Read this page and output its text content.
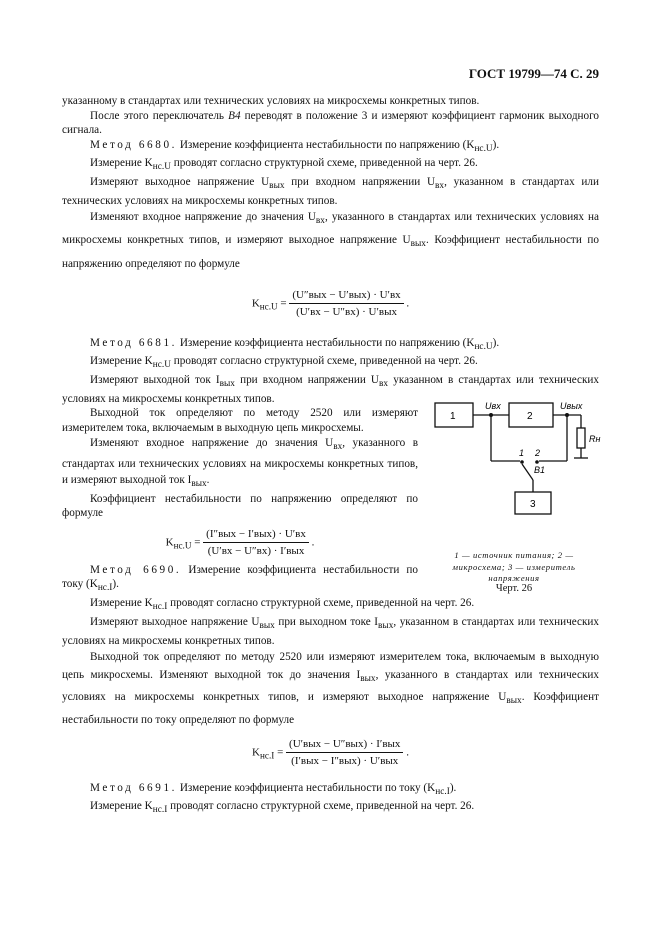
ГОСТ 19799—74 С. 29

указанному в стандартах или технических условиях на микросхемы конкретных типов.

После этого переключатель В4 переводят в положение 3 и измеряют коэффициент гармоник выходного сигнала.

Метод 6680. Измерение коэффициента нестабильности по напряжению $(K_{нс.U})$.

Измерение $K_{нс.U}$ проводят согласно структурной схеме, приведенной на черт. 26.

Измеряют выходное напряжение $U_{вых}$ при входном напряжении $U_{вх}$, указанном в стандартах или технических условиях на микросхемы конкретных типов.

Изменяют входное напряжение до значения $U_{вх}$, указанного в стандартах или технических условиях на микросхемы конкретных типов, и измеряют выходное напряжение $U_{вых}$. Коэффициент нестабильности по напряжению определяют по формуле

$K_{нс.U} = \frac{\text{(U″вых − U′вых) · U′вх}}{\text{(U′вх − U″вх) · U′вых}}$ .

Метод 6681. Измерение коэффициента нестабильности по напряжению $(K_{нс.U})$.

Измерение $K_{нс.U}$ проводят согласно структурной схеме, приведенной на черт. 26.

Измеряют выходной ток $I_{вых}$ при входном напряжении $U_{вх}$ указанном в стандартах или технических условиях на микросхемы конкретных типов.

Выходной ток определяют по методу 2520 или измеряют измерителем тока, включаемым в выходную цепь микросхемы.

Изменяют входное напряжение до значения $U_{вх}$, указанного в стандартах или технических условиях на микросхемы конкретных типов, и измеряют выходной ток $I_{вых}$.

Коэффициент нестабильности по напряжению определяют по формуле

$K_{нс.U} = \frac{\text{(I″вых − I′вых) · U′вх}}{\text{(U′вх − U″вх) · I′вых}}$ .

Метод 6690. Измерение коэффициента нестабильности по току $(K_{нс.I})$.

Измерение $K_{нс.I}$ проводят согласно структурной схеме, приведенной на черт. 26.

Измеряют выходное напряжение $U_{вых}$ при выходном токе $I_{вых}$, указанном в стандартах или технических условиях на микросхемы конкретных типов.

Выходной ток определяют по методу 2520 или измеряют измерителем тока, включаемым в выходную цепь микросхемы. Изменяют выходной ток до значения $I_{вых}$, указанного в стандартах или технических условиях на микросхемы конкретных типов, и измеряют выходное напряжение $U_{вых}$. Коэффициент нестабильности по току определяют по формуле

$K_{нс.I} = \frac{\text{(U′вых − U″вых) · I′вых}}{\text{(I′вых − I″вых) · U′вых}}$ .

Метод 6691. Измерение коэффициента нестабильности по току $(K_{нс.I})$.

Измерение $K_{нс.I}$ проводят согласно структурной схеме, приведенной на черт. 26.

1	2
3
Uвх	Uвых
Rн
1 2
В1
1 — источник питания; 2 — микросхема; 3 — измеритель напряжения
Черт. 26
